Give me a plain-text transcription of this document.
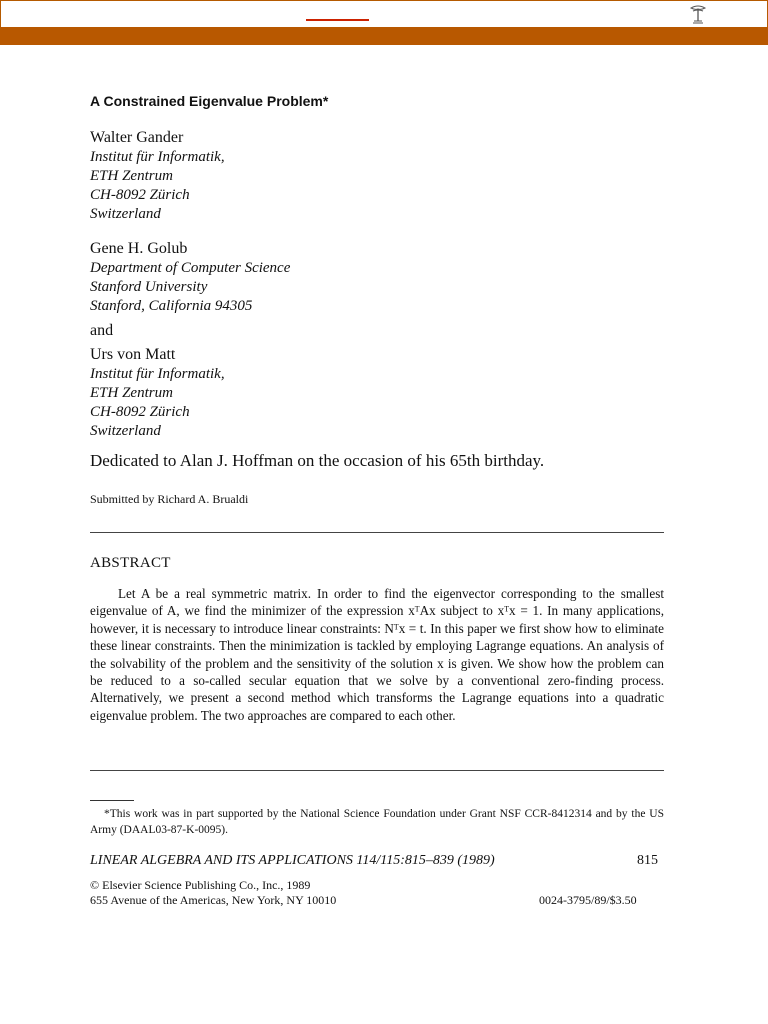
A Constrained Eigenvalue Problem*
Walter Gander
Institut für Informatik,
ETH Zentrum
CH-8092 Zürich
Switzerland
Gene H. Golub
Department of Computer Science
Stanford University
Stanford, California 94305
and
Urs von Matt
Institut für Informatik,
ETH Zentrum
CH-8092 Zürich
Switzerland
Dedicated to Alan J. Hoffman on the occasion of his 65th birthday.
Submitted by Richard A. Brualdi
ABSTRACT

Let A be a real symmetric matrix. In order to find the eigenvector corresponding to the smallest eigenvalue of A, we find the minimizer of the expression xᵀAx subject to xᵀx = 1. In many applications, however, it is necessary to introduce linear constraints: Nᵀx = t. In this paper we first show how to eliminate these linear constraints. Then the minimization is tackled by employing Lagrange equations. An analysis of the solvability of the problem and the sensitivity of the solution x is given. We show how the problem can be reduced to a so-called secular equation that we solve by a conventional zero-finding process. Alternatively, we present a second method which transforms the Lagrange equations into a quadratic eigenvalue problem. The two approaches are compared to each other.

*This work was in part supported by the National Science Foundation under Grant NSF CCR-8412314 and by the US Army (DAAL03-87-K-0095).
LINEAR ALGEBRA AND ITS APPLICATIONS 114/115:815–839 (1989)	815
© Elsevier Science Publishing Co., Inc., 1989
655 Avenue of the Americas, New York, NY 10010	0024-3795/89/$3.50
